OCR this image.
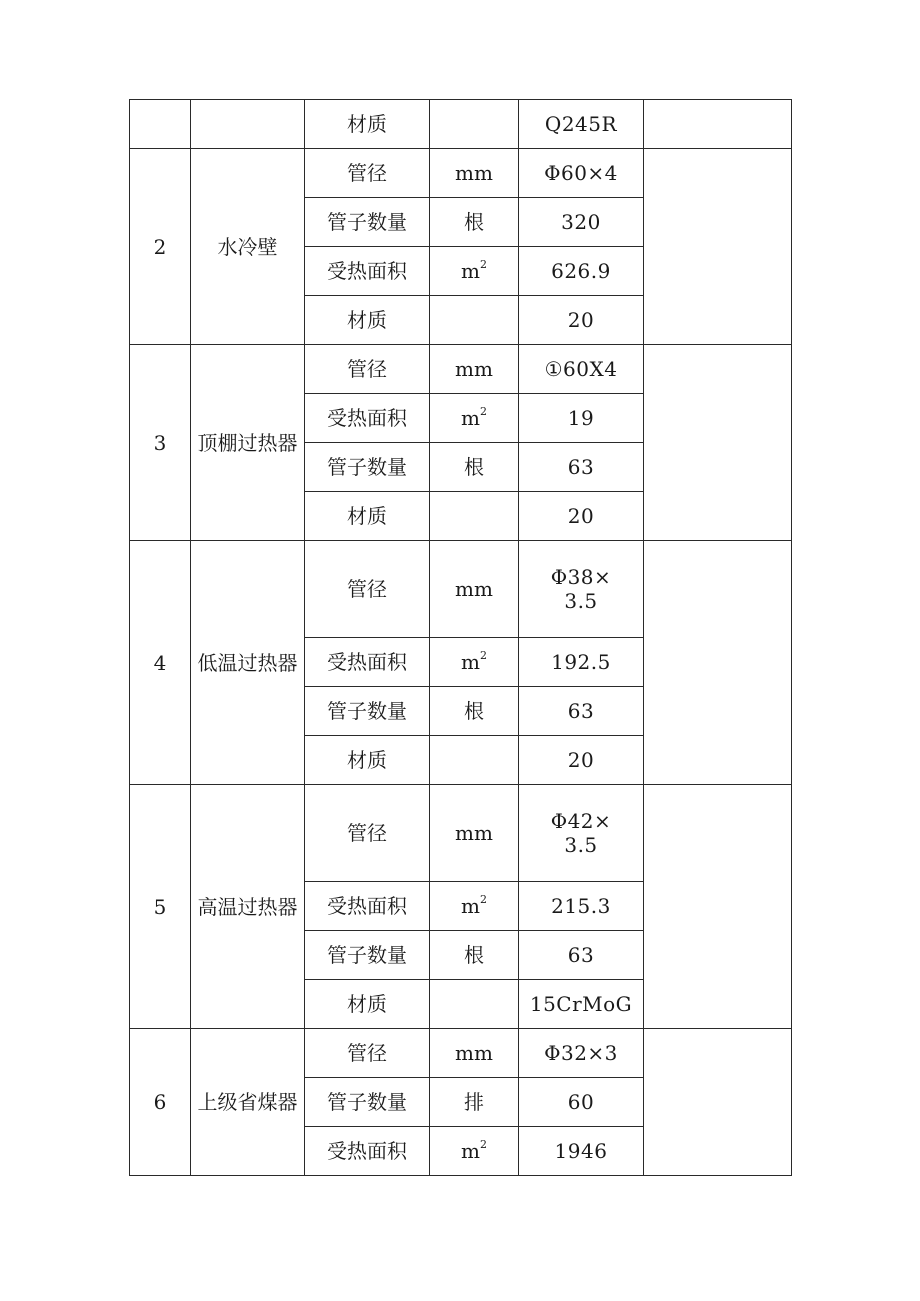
		材质		Q245R	
2	水冷壁	管径	mm	Φ60×4	
		管子数量	根	320	
		受热面积	$m^2$	626.9	
		材质		20	
3	顶棚过热器	管径	mm	①60X4	
		受热面积	$m^2$	19	
		管子数量	根	63	
		材质		20	
4	低温过热器	管径	mm	Φ38×
3.5	

		受热面积	$m^2$	192.5	
		管子数量	根	63	
		材质		20	
5	高温过热器	管径	mm	Φ42×
3.5	

		受热面积	$m^2$	215.3	
		管子数量	根	63	
		材质		15CrMoG	
6	上级省煤器	管径	mm	Φ32×3	
		管子数量	排	60	
		受热面积	$m^2$	1946	
